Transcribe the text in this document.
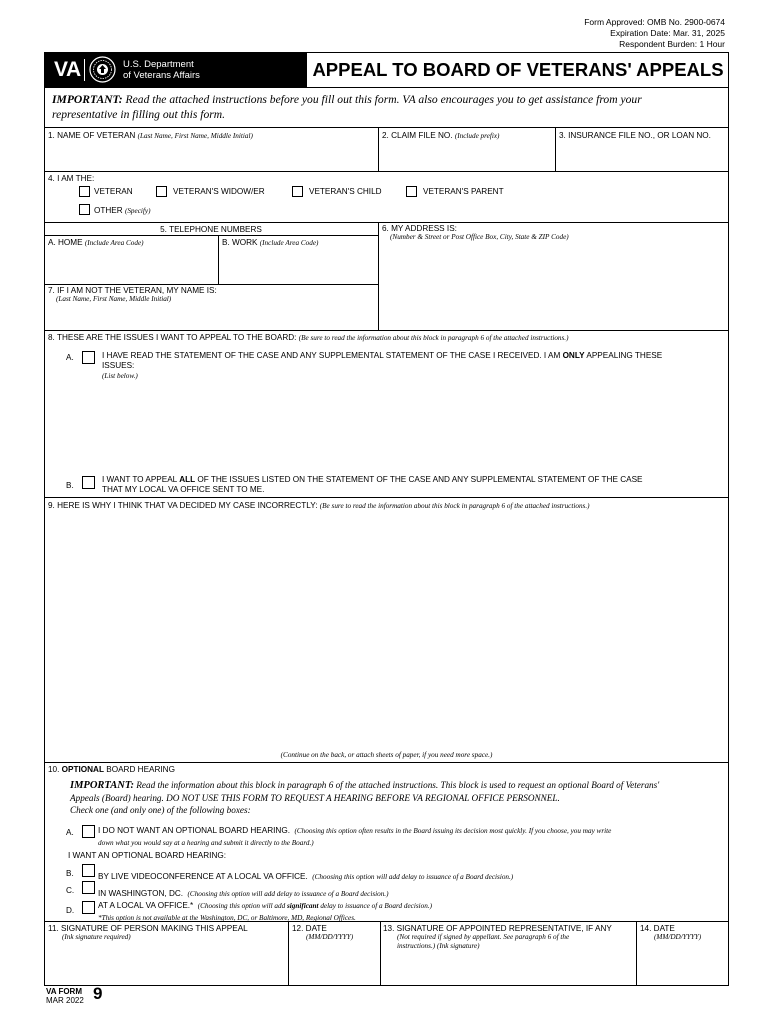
Form Approved: OMB No. 2900-0674
Expiration Date: Mar. 31, 2025
Respondent Burden: 1 Hour
VA	U.S. Department
of Veterans Affairs	APPEAL TO BOARD OF VETERANS' APPEALS
IMPORTANT: Read the attached instructions before you fill out this form. VA also encourages you to get assistance from your
representative in filling out this form.
1. NAME OF VETERAN (Last Name, First Name, Middle Initial)	2. CLAIM FILE NO. (Include prefix)	3. INSURANCE FILE NO., OR LOAN NO.
4. I AM THE:
VETERAN	VETERAN'S WIDOW/ER	VETERAN'S CHILD	VETERAN'S PARENT
OTHER (Specify)
5. TELEPHONE NUMBERS
A. HOME (Include Area Code)	B. WORK (Include Area Code)
7. IF I AM NOT THE VETERAN, MY NAME IS:
(Last Name, First Name, Middle Initial)
6. MY ADDRESS IS:
(Number & Street or Post Office Box, City, State & ZIP Code)
8. THESE ARE THE ISSUES I WANT TO APPEAL TO THE BOARD: (Be sure to read the information about this block in paragraph 6 of the attached instructions.)
A.	I HAVE READ THE STATEMENT OF THE CASE AND ANY SUPPLEMENTAL STATEMENT OF THE CASE I RECEIVED. I AM ONLY APPEALING THESE
ISSUES:
(List below.)
B.
I WANT TO APPEAL ALL OF THE ISSUES LISTED ON THE STATEMENT OF THE CASE AND ANY SUPPLEMENTAL STATEMENT OF THE CASE
THAT MY LOCAL VA OFFICE SENT TO ME.
9. HERE IS WHY I THINK THAT VA DECIDED MY CASE INCORRECTLY: (Be sure to read the information about this block in paragraph 6 of the attached instructions.)
(Continue on the back, or attach sheets of paper, if you need more space.)
10. OPTIONAL BOARD HEARING
IMPORTANT: Read the information about this block in paragraph 6 of the attached instructions. This block is used to request an optional Board of Veterans'
Appeals (Board) hearing. DO NOT USE THIS FORM TO REQUEST A HEARING BEFORE VA REGIONAL OFFICE PERSONNEL.
Check one (and only one) of the following boxes:
A.	I DO NOT WANT AN OPTIONAL BOARD HEARING. (Choosing this option often results in the Board issuing its decision most quickly. If you choose, you may write
down what you would say at a hearing and submit it directly to the Board.)
I WANT AN OPTIONAL BOARD HEARING:
B.	BY LIVE VIDEOCONFERENCE AT A LOCAL VA OFFICE. (Choosing this option will add delay to issuance of a Board decision.)
C.	IN WASHINGTON, DC. (Choosing this option will add delay to issuance of a Board decision.)
D.
AT A LOCAL VA OFFICE.* (Choosing this option will add significant delay to issuance of a Board decision.)
*This option is not available at the Washington, DC, or Baltimore, MD, Regional Offices.
11. SIGNATURE OF PERSON MAKING THIS APPEAL
(Ink signature required)
12. DATE
(MM/DD/YYYY)
13. SIGNATURE OF APPOINTED REPRESENTATIVE, IF ANY
(Not required if signed by appellant. See paragraph 6 of the
instructions.) (Ink signature)
14. DATE
(MM/DD/YYYY)
VA FORM
MAR 2022 9
